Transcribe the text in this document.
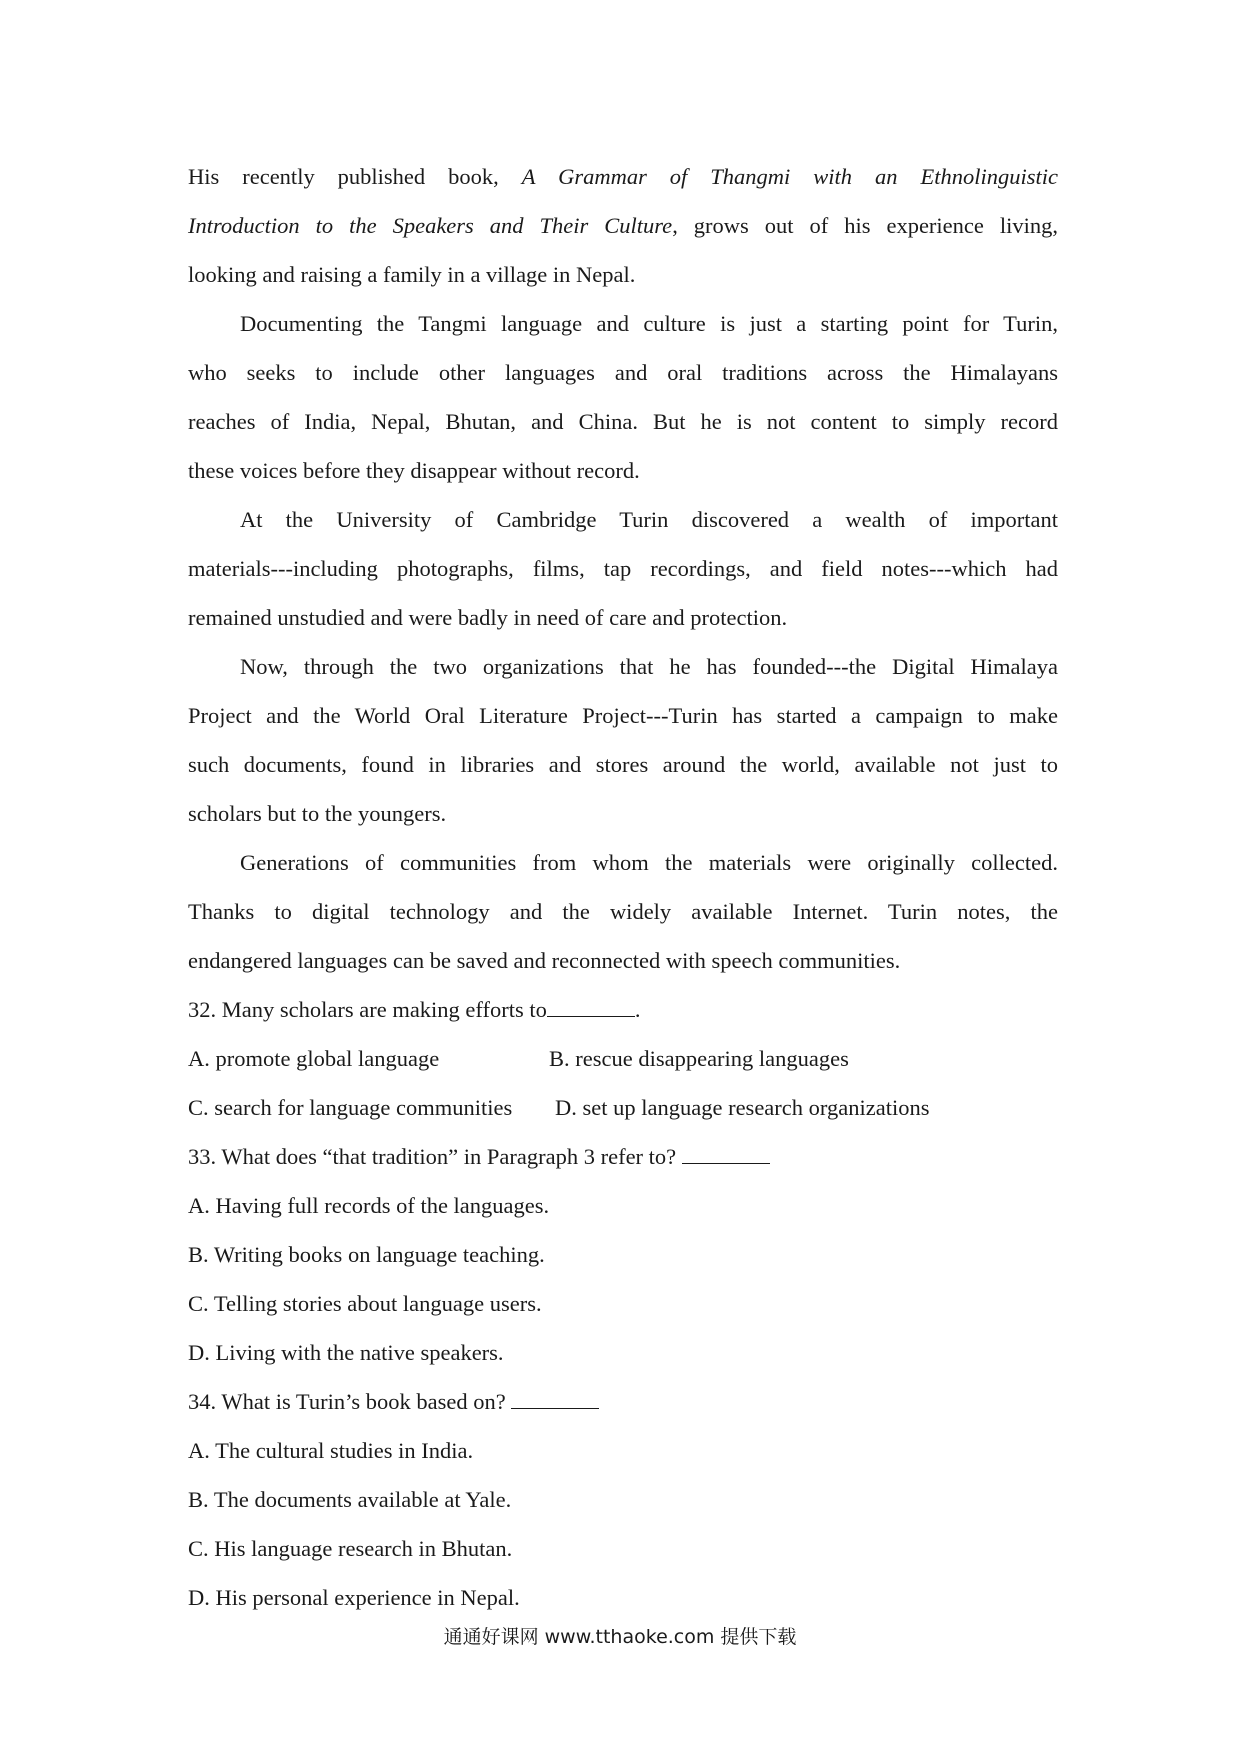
His recently published book, A Grammar of Thangmi with an Ethnolinguistic
Introduction to the Speakers and Their Culture, grows out of his experience living,
looking and raising a family in a village in Nepal.
Documenting the Tangmi language and culture is just a starting point for Turin,
who seeks to include other languages and oral traditions across the Himalayans
reaches of India, Nepal, Bhutan, and China. But he is not content to simply record
these voices before they disappear without record.
At the University of Cambridge Turin discovered a wealth of important
materials---including photographs, films, tap recordings, and field notes---which had
remained unstudied and were badly in need of care and protection.
Now, through the two organizations that he has founded---the Digital Himalaya
Project and the World Oral Literature Project---Turin has started a campaign to make
such documents, found in libraries and stores around the world, available not just to
scholars but to the youngers.
Generations of communities from whom the materials were originally collected.
Thanks to digital technology and the widely available Internet. Turin notes, the
endangered languages can be saved and reconnected with speech communities.
32. Many scholars are making efforts to	.
A. promote global language	B. rescue disappearing languages
C. search for language communities D. set up language research organizations
33. What does “that tradition” in Paragraph 3 refer to?
A. Having full records of the languages.
B. Writing books on language teaching.
C. Telling stories about language users.
D. Living with the native speakers.
34. What is Turin’s book based on?
A. The cultural studies in India.
B. The documents available at Yale.
C. His language research in Bhutan.
D. His personal experience in Nepal.
通通好课网 www.tthaoke.com 提供下载
